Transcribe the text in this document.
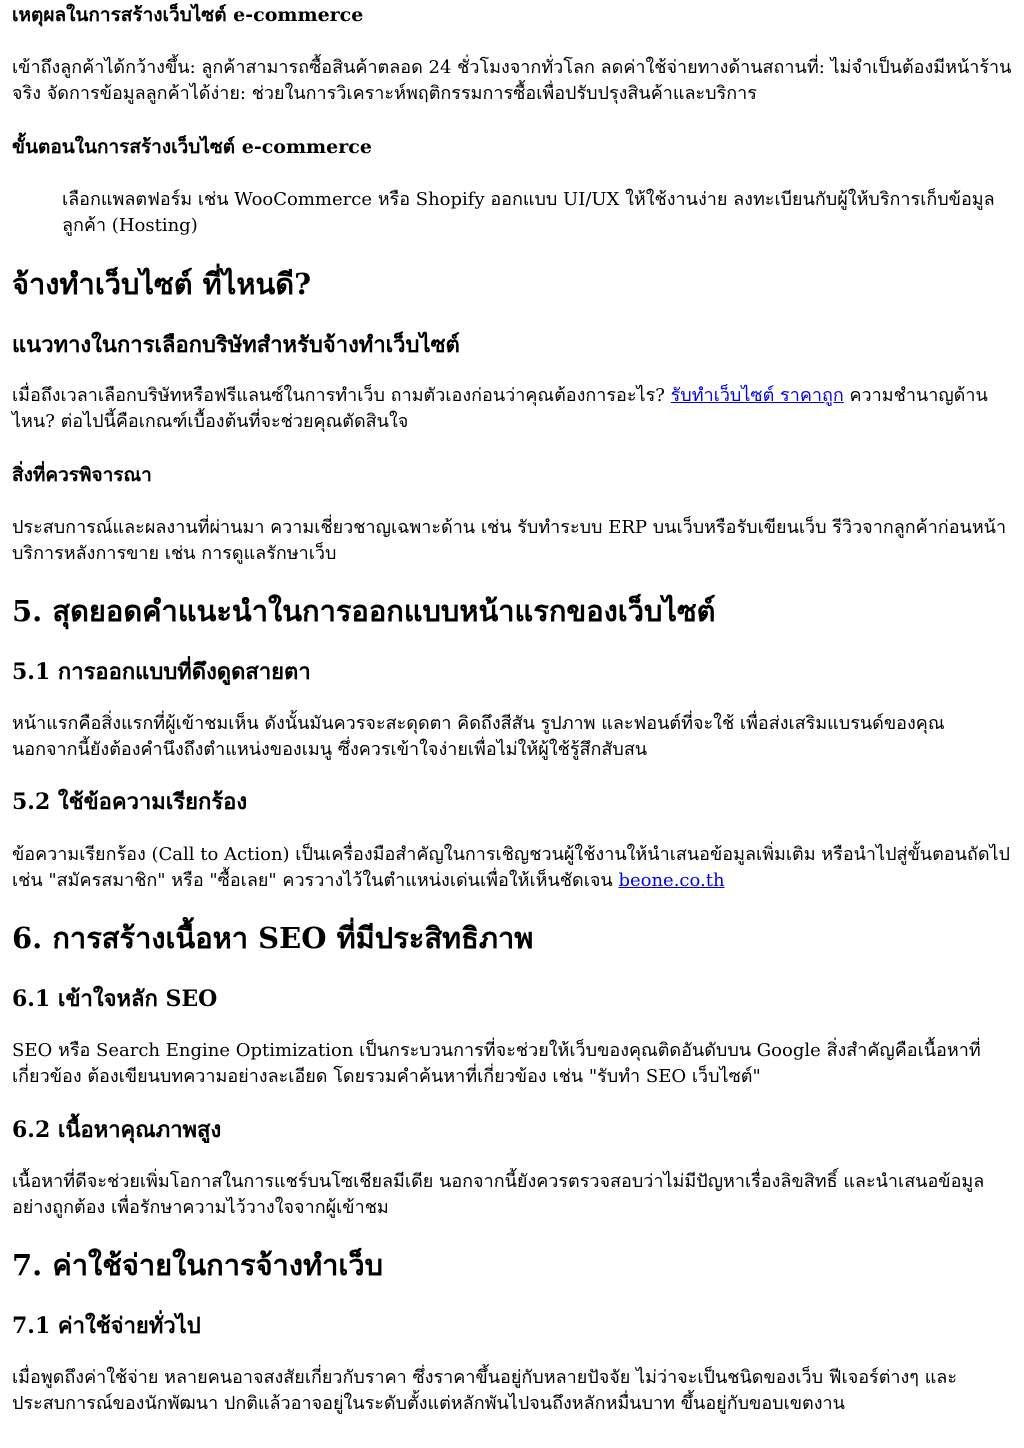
เหตุผลในการสร้างเว็บไซต์ e-commerce

เข้าถึงลูกค้าได้กว้างขึ้น: ลูกค้าสามารถซื้อสินค้าตลอด 24 ชั่วโมงจากทั่วโลก ลดค่าใช้จ่ายทางด้านสถานที่: ไม่จำเป็นต้องมีหน้าร้านจริง จัดการข้อมูลลูกค้าได้ง่าย: ช่วยในการวิเคราะห์พฤติกรรมการซื้อเพื่อปรับปรุงสินค้าและบริการ

ขั้นตอนในการสร้างเว็บไซต์ e-commerce

เลือกแพลตฟอร์ม เช่น WooCommerce หรือ Shopify ออกแบบ UI/UX ให้ใช้งานง่าย ลงทะเบียนกับผู้ให้บริการเก็บข้อมูลลูกค้า (Hosting)

จ้างทำเว็บไซต์ ที่ไหนดี?
แนวทางในการเลือกบริษัทสำหรับจ้างทำเว็บไซต์

เมื่อถึงเวลาเลือกบริษัทหรือฟรีแลนซ์ในการทำเว็บ ถามตัวเองก่อนว่าคุณต้องการอะไร? รับทำเว็บไซต์ ราคาถูก ความชำนาญด้านไหน? ต่อไปนี้คือเกณฑ์เบื้องต้นที่จะช่วยคุณตัดสินใจ

สิ่งที่ควรพิจารณา

ประสบการณ์และผลงานที่ผ่านมา ความเชี่ยวชาญเฉพาะด้าน เช่น รับทำระบบ ERP บนเว็บหรือรับเขียนเว็บ รีวิวจากลูกค้าก่อนหน้า บริการหลังการขาย เช่น การดูแลรักษาเว็บ

5. สุดยอดคำแนะนำในการออกแบบหน้าแรกของเว็บไซต์
5.1 การออกแบบที่ดึงดูดสายตา

หน้าแรกคือสิ่งแรกที่ผู้เข้าชมเห็น ดังนั้นมันควรจะสะดุดตา คิดถึงสีสัน รูปภาพ และฟอนต์ที่จะใช้ เพื่อส่งเสริมแบรนด์ของคุณ นอกจากนี้ยังต้องคำนึงถึงตำแหน่งของเมนู ซึ่งควรเข้าใจง่ายเพื่อไม่ให้ผู้ใช้รู้สึกสับสน

5.2 ใช้ข้อความเรียกร้อง

ข้อความเรียกร้อง (Call to Action) เป็นเครื่องมือสำคัญในการเชิญชวนผู้ใช้งานให้นำเสนอข้อมูลเพิ่มเติม หรือนำไปสู่ขั้นตอนถัดไป เช่น "สมัครสมาชิก" หรือ "ซื้อเลย" ควรวางไว้ในตำแหน่งเด่นเพื่อให้เห็นชัดเจน beone.co.th

6. การสร้างเนื้อหา SEO ที่มีประสิทธิภาพ
6.1 เข้าใจหลัก SEO

SEO หรือ Search Engine Optimization เป็นกระบวนการที่จะช่วยให้เว็บของคุณติดอันดับบน Google สิ่งสำคัญคือเนื้อหาที่เกี่ยวข้อง ต้องเขียนบทความอย่างละเอียด โดยรวมคำค้นหาที่เกี่ยวข้อง เช่น "รับทำ SEO เว็บไซต์"

6.2 เนื้อหาคุณภาพสูง

เนื้อหาที่ดีจะช่วยเพิ่มโอกาสในการแชร์บนโซเชียลมีเดีย นอกจากนี้ยังควรตรวจสอบว่าไม่มีปัญหาเรื่องลิขสิทธิ์ และนำเสนอข้อมูลอย่างถูกต้อง เพื่อรักษาความไว้วางใจจากผู้เข้าชม

7. ค่าใช้จ่ายในการจ้างทำเว็บ
7.1 ค่าใช้จ่ายทั่วไป

เมื่อพูดถึงค่าใช้จ่าย หลายคนอาจสงสัยเกี่ยวกับราคา ซึ่งราคาขึ้นอยู่กับหลายปัจจัย ไม่ว่าจะเป็นชนิดของเว็บ ฟีเจอร์ต่างๆ และประสบการณ์ของนักพัฒนา ปกติแล้วอาจอยู่ในระดับตั้งแต่หลักพันไปจนถึงหลักหมื่นบาท ขึ้นอยู่กับขอบเขตงาน
